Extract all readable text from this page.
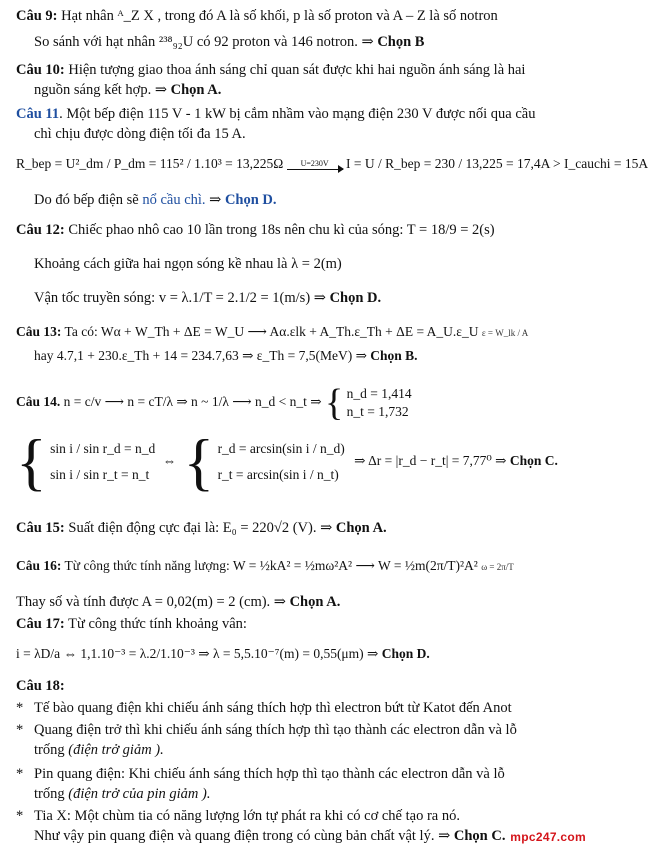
Câu 9: Hạt nhân ᴬ_Z X , trong đó A là số khối, p là số proton và A – Z là số notron
So sánh với hạt nhân ²³⁸₉₂U có 92 proton và 146 notron. ⇒ Chọn B
Câu 10: Hiện tượng giao thoa ánh sáng chỉ quan sát được khi hai nguồn ánh sáng là hai
nguồn sáng kết hợp. ⇒ Chọn A.
Câu 11. Một bếp điện 115 V - 1 kW bị cắm nhầm vào mạng điện 230 V được nối qua cầu
chì chịu được dòng điện tối đa 15 A.
R_bep = U²_dm / P_dm = 115² / 1.10³ = 13,225Ω	U=230V	I = U / R_bep = 230 / 13,225 = 17,4A > I_cauchi = 15A
Do đó bếp điện sẽ nổ cầu chì. ⇒ Chọn D.
Câu 12: Chiếc phao nhô cao 10 lần trong 18s nên chu kì của sóng: T = 18/9 = 2(s)
Khoảng cách giữa hai ngọn sóng kề nhau là λ = 2(m)
Vận tốc truyền sóng: v = λ.1/T = 2.1/2 = 1(m/s) ⇒ Chọn D.
Câu 13: Ta có: Wα + W_Th + ΔE = W_U ⟶ Aα.εlk + A_Th.ε_Th + ΔE = A_U.ε_U ε = W_lk / A
hay 4.7,1 + 230.ε_Th + 14 = 234.7,63 ⇒ ε_Th = 7,5(MeV) ⇒ Chọn B.
Câu 14. n = c/v ⟶ n = cT/λ ⇒ n ~ 1/λ ⟶ n_d < n_t ⇒ { n_d = 1,414
n_t = 1,732
{ sin i / sin r_d = n_d
sin i / sin r_t = n_t
⇔ { r_d = arcsin(sin i / n_d)
r_t = arcsin(sin i / n_t)
⇒ Δr = |r_d − r_t| = 7,77⁰ ⇒ Chọn C.
Câu 15: Suất điện động cực đại là: E₀ = 220√2 (V). ⇒ Chọn A.
Câu 16: Từ công thức tính năng lượng: W = ½kA² = ½mω²A² ⟶ W = ½m(2π/T)²A² ω = 2π/T
Thay số và tính được A = 0,02(m) = 2 (cm). ⇒ Chọn A.
Câu 17: Từ công thức tính khoảng vân:
i = λD/a ⇔ 1,1.10⁻³ = λ.2/1.10⁻³ ⇒ λ = 5,5.10⁻⁷(m) = 0,55(μm) ⇒ Chọn D.
Câu 18:
* Tế bào quang điện khi chiếu ánh sáng thích hợp thì electron bứt từ Katot đến Anot
* Quang điện trở thì khi chiếu ánh sáng thích hợp thì tạo thành các electron dẫn và lỗ
trống (điện trở giảm ).
* Pin quang điện: Khi chiếu ánh sáng thích hợp thì tạo thành các electron dẫn và lỗ
trống (điện trở của pin giảm ).
* Tia X: Một chùm tia có năng lượng lớn tự phát ra khi có cơ chế tạo ra nó.
Như vậy pin quang điện và quang điện trong có cùng bản chất vật lý. ⇒ Chọn C. mpc247.com
